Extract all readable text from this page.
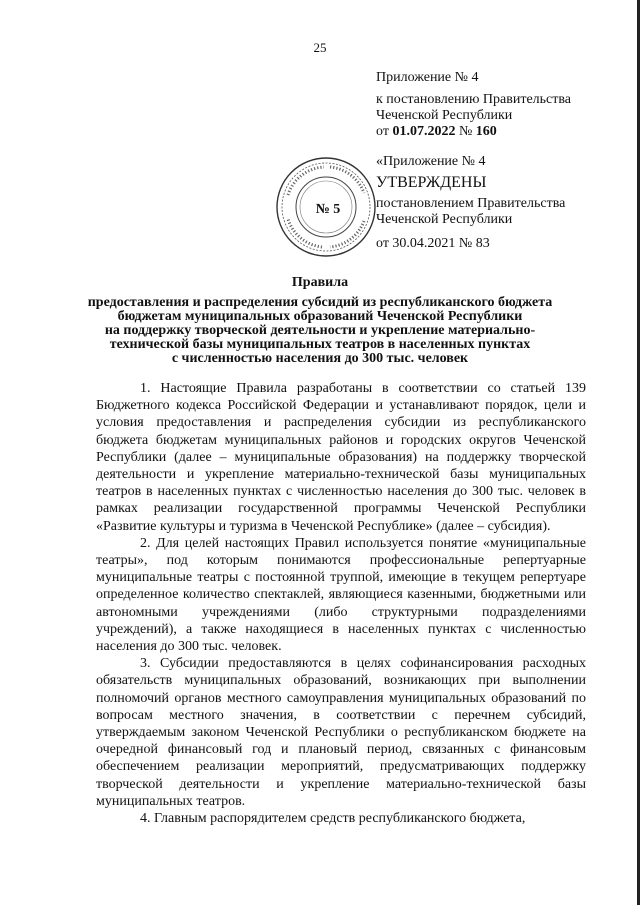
25
Приложение № 4
к постановлению Правительства
Чеченской Республики
от 01.07.2022 № 160
№ 5
«Приложение № 4
УТВЕРЖДЕНЫ
постановлением Правительства
Чеченской Республики
от 30.04.2021 № 83
Правила
предоставления и распределения субсидий из республиканского бюджета
бюджетам муниципальных образований Чеченской Республики
на поддержку творческой деятельности и укрепление материально-
технической базы муниципальных театров в населенных пунктах
с численностью населения до 300 тыс. человек

1. Настоящие Правила разработаны в соответствии со статьей 139 Бюджетного кодекса Российской Федерации и устанавливают порядок, цели и условия предоставления и распределения субсидии из республиканского бюджета бюджетам муниципальных районов и городских округов Чеченской Республики (далее – муниципальные образования) на поддержку творческой деятельности и укрепление материально-технической базы муниципальных театров в населенных пунктах с численностью населения до 300 тыс. человек в рамках реализации государственной программы Чеченской Республики «Развитие культуры и туризма в Чеченской Республике» (далее – субсидия).

2. Для целей настоящих Правил используется понятие «муниципальные театры», под которым понимаются профессиональные репертуарные муниципальные театры с постоянной труппой, имеющие в текущем репертуаре определенное количество спектаклей, являющиеся казенными, бюджетными или автономными учреждениями (либо структурными подразделениями учреждений), а также находящиеся в населенных пунктах с численностью населения до 300 тыс. человек.

3. Субсидии предоставляются в целях софинансирования расходных обязательств муниципальных образований, возникающих при выполнении полномочий органов местного самоуправления муниципальных образований по вопросам местного значения, в соответствии с перечнем субсидий, утверждаемым законом Чеченской Республики о республиканском бюджете на очередной финансовый год и плановый период, связанных с финансовым обеспечением реализации мероприятий, предусматривающих поддержку творческой деятельности и укрепление материально-технической базы муниципальных театров.

4. Главным распорядителем средств республиканского бюджета,
